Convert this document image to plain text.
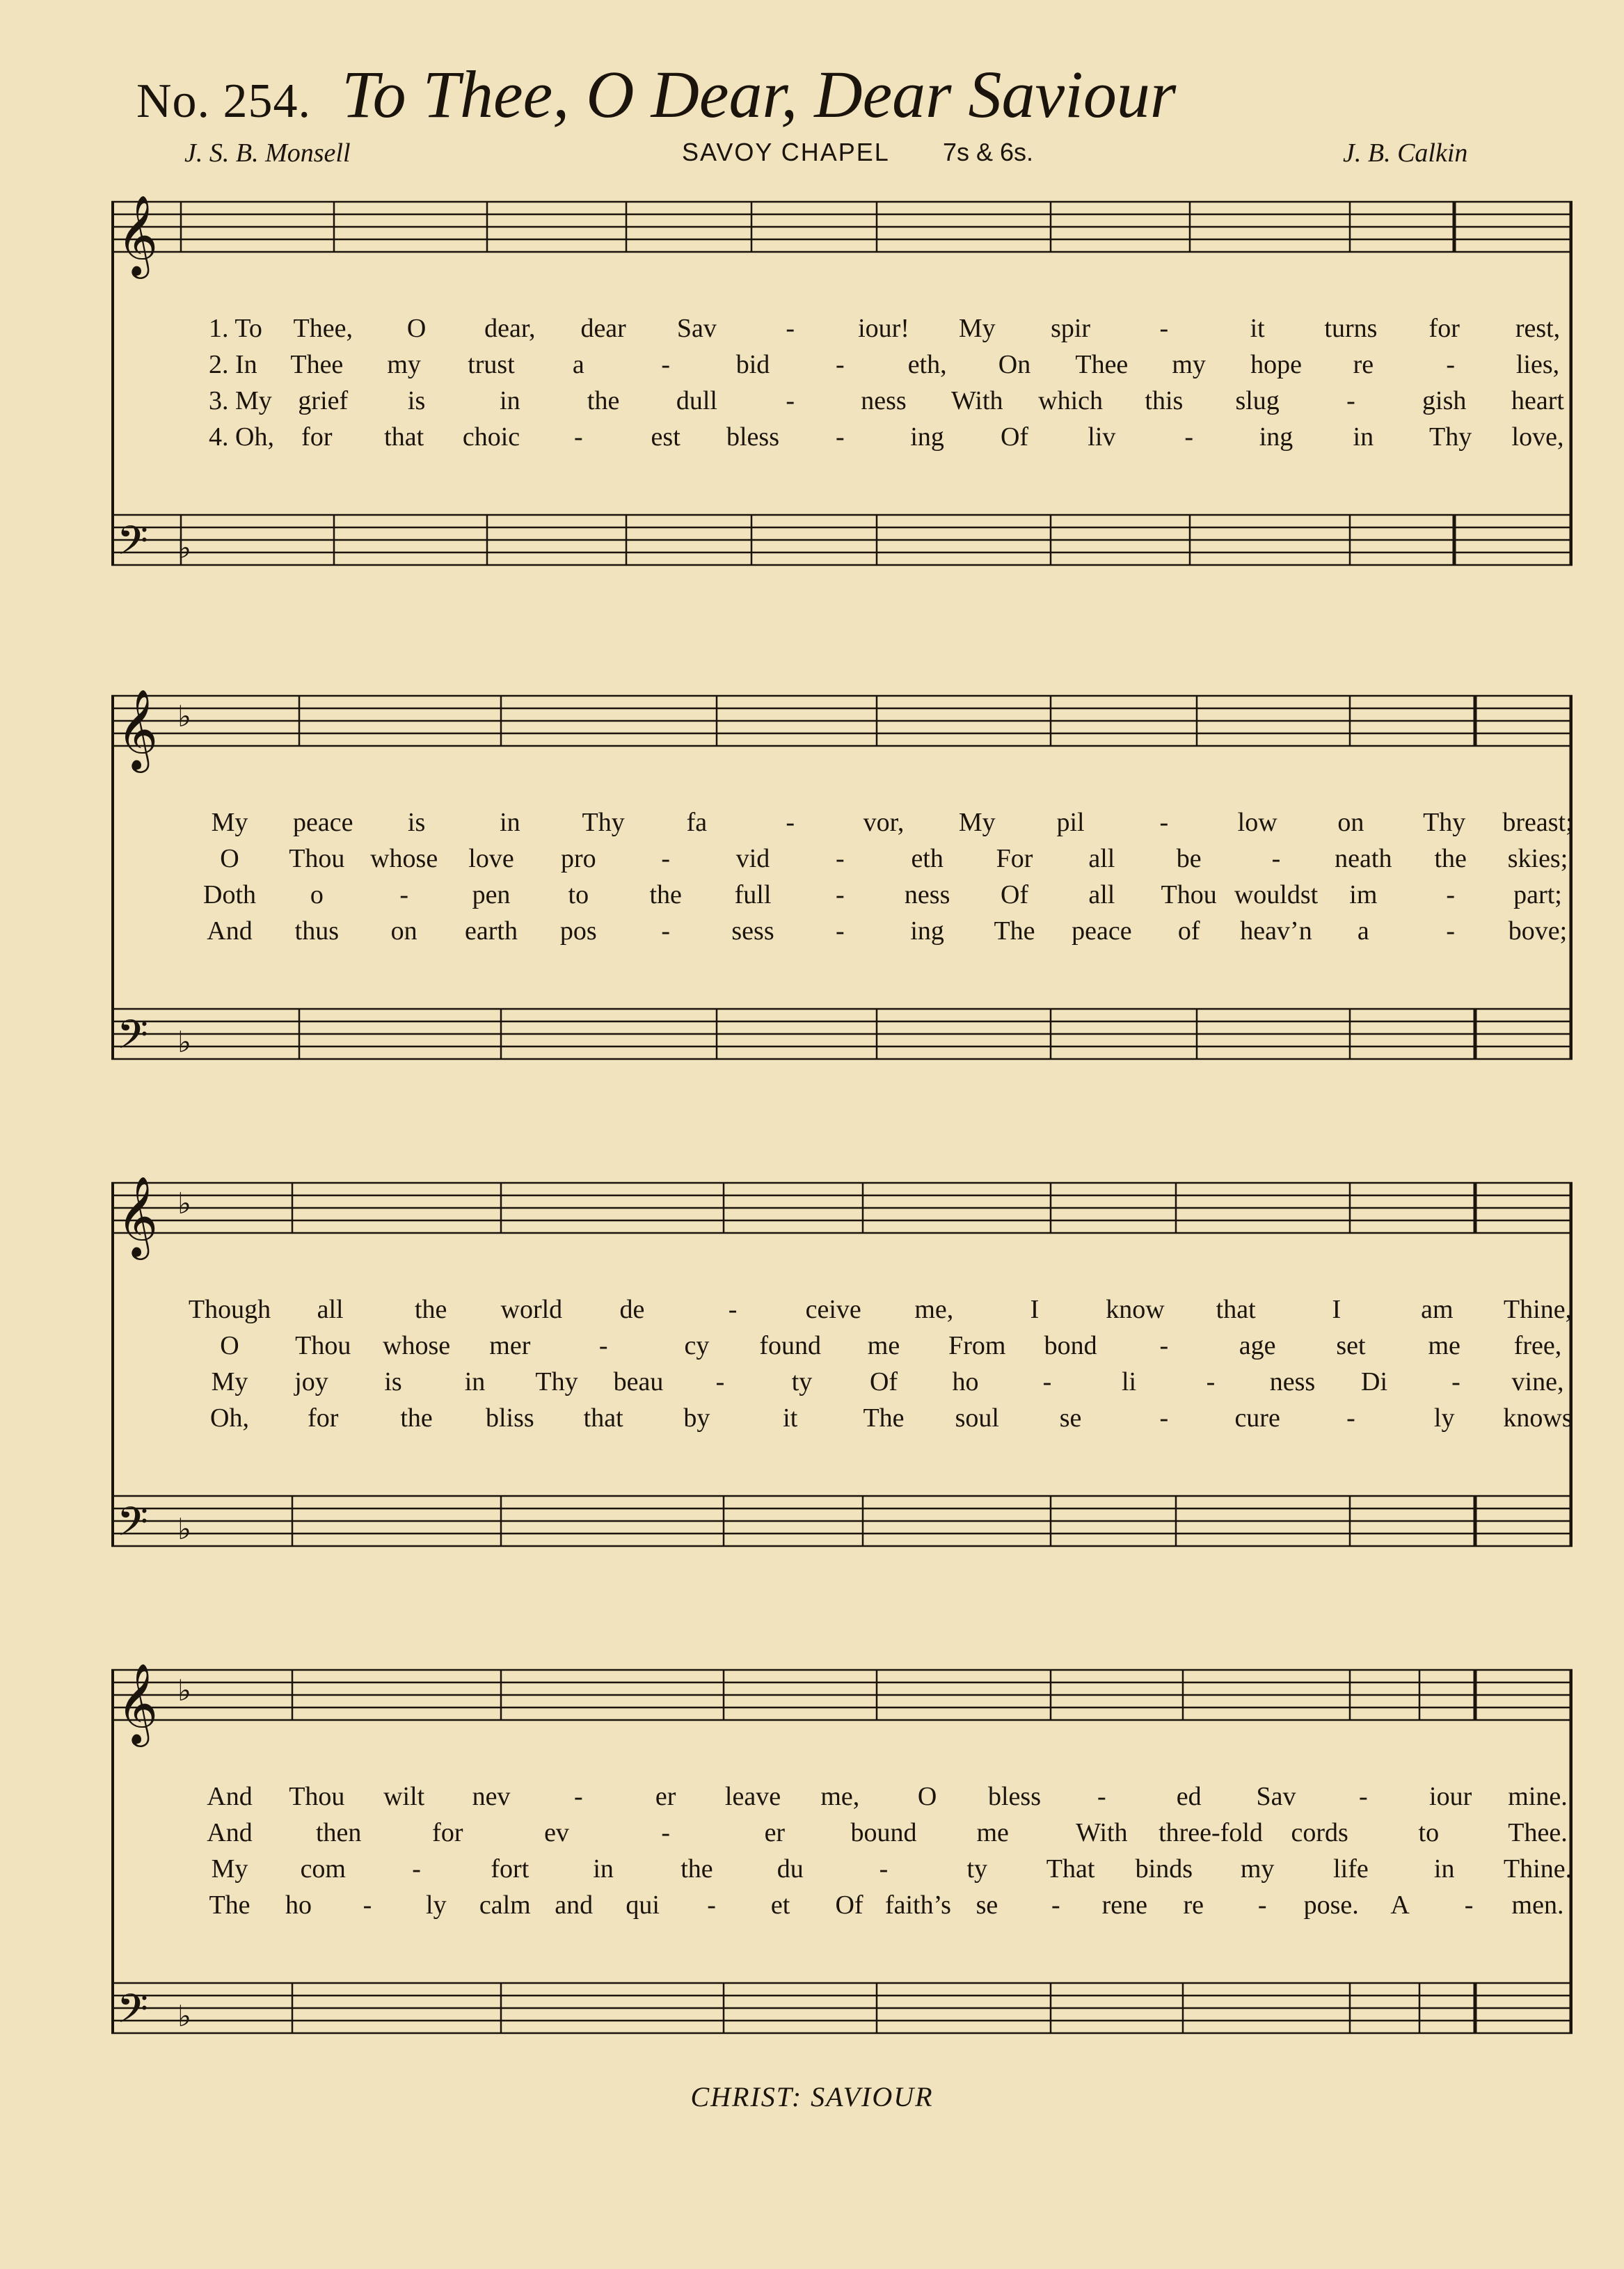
No. 254. To Thee, O Dear, Dear Saviour
J. S. B. Monsell	SAVOY CHAPEL 7s & 6s.	J. B. Calkin
𝄞
𝄢 ♭
1. To Thee, O dear, dear Sav	- iour! My spir	-	it turns for rest,
2. In Thee my trust a	- bid - eth, On Thee my hope re	- lies,
3. My grief is	in	the dull	-	ness With which this slug	-	gish heart
4. Oh, for that choic -	est bless - ing Of liv	- ing in Thy love,
𝄞 ♭
𝄢 ♭
My peace is	in Thy fa	-	vor, My pil	-	low on Thy breast;
O Thou whose love pro - vid -	eth For all be	- neath the skies;
Doth o	- pen to the full - ness Of all Thou wouldst im	- part;
And thus on earth pos - sess - ing The peace of heav’n a	- bove;
𝄞 ♭
𝄢 ♭
Though all	the world de	-	ceive me,	I	know that	I	am Thine,
O Thou whose mer	-	cy found me From bond -	age set me free,
My joy is in Thy beau -	ty Of ho -	li	- ness Di - vine,
Oh, for the bliss that by	it The soul se	-	cure	-	ly knows
𝄞 ♭
𝄢 ♭
And Thou wilt nev -	er leave me, O bless -	ed Sav - iour mine.
And then	for	ev	-	er bound me	With three-fold cords	to	Thee.
My com	-	fort in	the du	-	ty That binds my life in Thine.
The ho - ly calm and qui - et Of faith’s se - rene re - pose. A - men.
CHRIST: SAVIOUR
